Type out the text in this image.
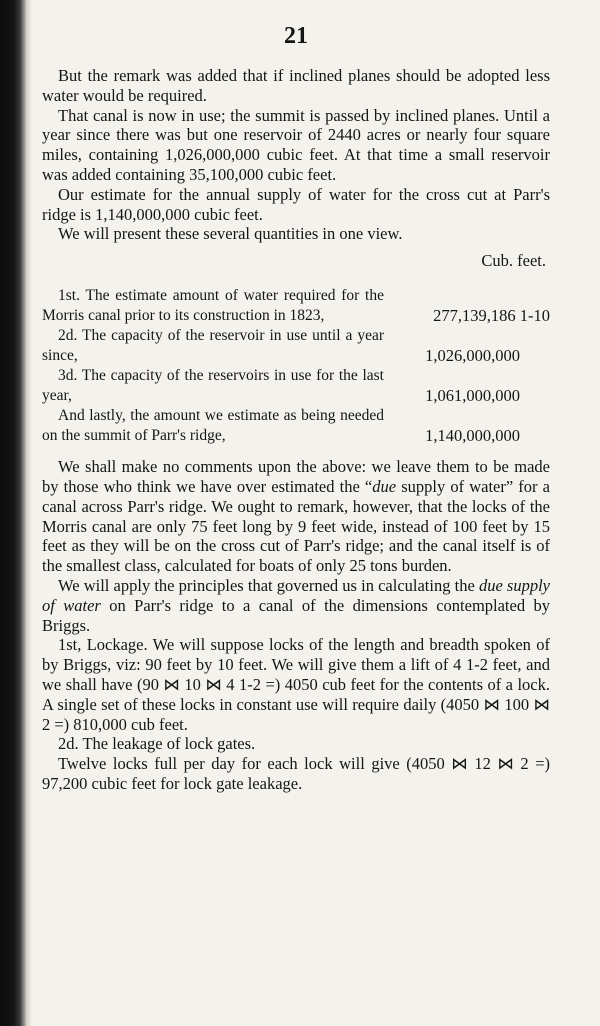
21

But the remark was added that if inclined planes should be adopted less water would be required.

That canal is now in use; the summit is passed by inclined planes. Until a year since there was but one reservoir of 2440 acres or nearly four square miles, containing 1,026,000,000 cubic feet. At that time a small reservoir was added containing 35,100,000 cubic feet.

Our estimate for the annual supply of water for the cross cut at Parr's ridge is 1,140,000,000 cubic feet.

We will present these several quantities in one view.

Cub. feet.
1st. The estimate amount of water required for the Morris canal prior to its construction in 1823,	277,139,186 1-10
2d. The capacity of the reservoir in use until a year since,	1,026,000,000
3d. The capacity of the reservoirs in use for the last year,	1,061,000,000
And lastly, the amount we estimate as being needed on the summit of Parr's ridge,	1,140,000,000

We shall make no comments upon the above: we leave them to be made by those who think we have over estimated the “due supply of water” for a canal across Parr's ridge. We ought to remark, however, that the locks of the Morris canal are only 75 feet long by 9 feet wide, instead of 100 feet by 15 feet as they will be on the cross cut of Parr's ridge; and the canal itself is of the smallest class, calculated for boats of only 25 tons burden.

We will apply the principles that governed us in calculating the due supply of water on Parr's ridge to a canal of the dimensions contemplated by Briggs.

1st, Lockage. We will suppose locks of the length and breadth spoken of by Briggs, viz: 90 feet by 10 feet. We will give them a lift of 4 1-2 feet, and we shall have (90 ⋈ 10 ⋈ 4 1-2 =) 4050 cub feet for the contents of a lock. A single set of these locks in constant use will require daily (4050 ⋈ 100 ⋈ 2 =) 810,000 cub feet.

2d. The leakage of lock gates.

Twelve locks full per day for each lock will give (4050 ⋈ 12 ⋈ 2 =) 97,200 cubic feet for lock gate leakage.
